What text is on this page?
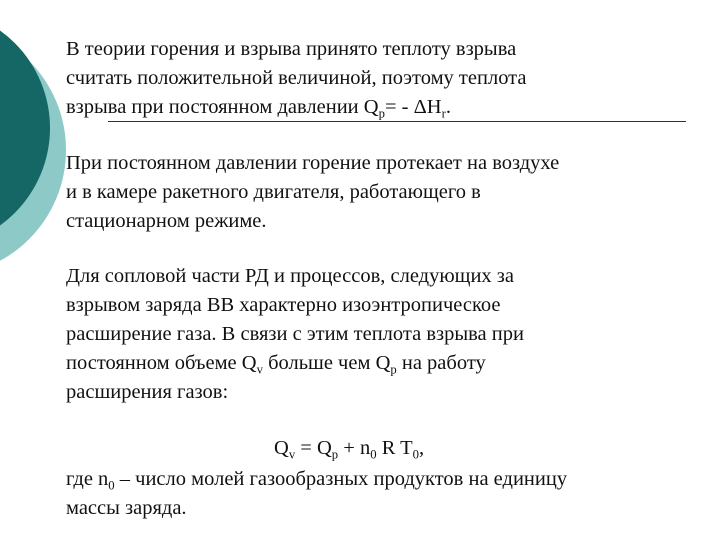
В теории горения и взрыва принято теплоту взрыва
считать положительной величиной, поэтому теплота
взрыва при постоянном давлении $Q_p= - \Delta H_r$.

При постоянном давлении горение протекает на воздухе
и в камере ракетного двигателя, работающего в
стационарном режиме.

Для сопловой части РД и процессов, следующих за
взрывом заряда ВВ характерно изоэнтропическое
расширение газа. В связи с этим теплота взрыва при
постоянном объеме $Q_v$ больше чем $Q_p$ на работу
расширения газов:

$Q_v = Q_p + n_0$ R $T_0$,

где $n_0$ – число молей газообразных продуктов на единицу
массы заряда.
